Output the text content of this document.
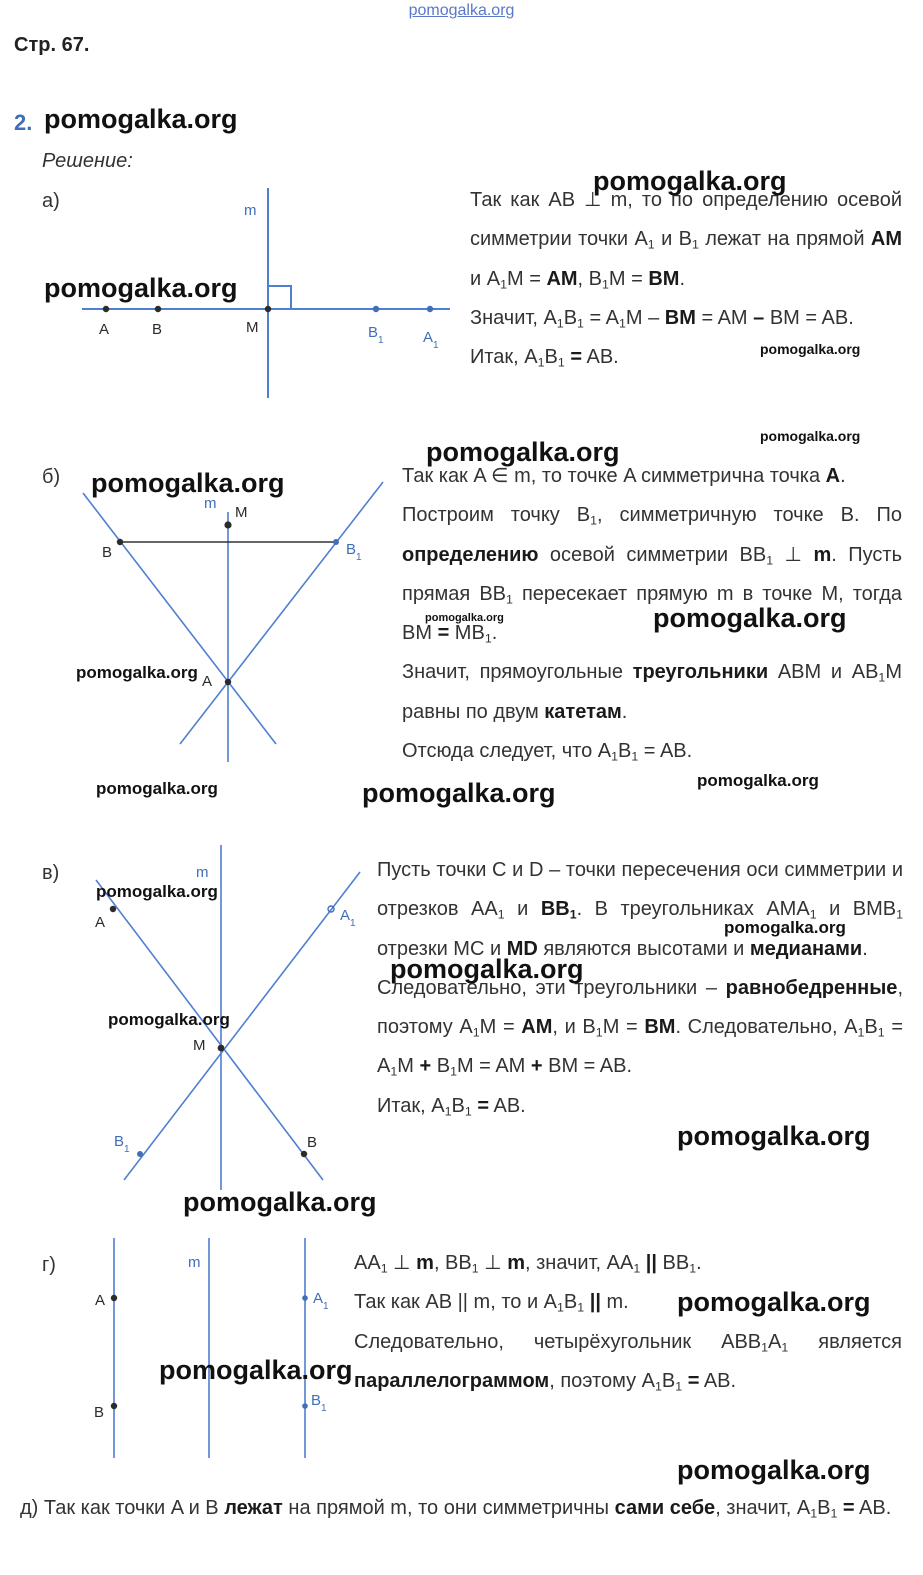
pomogalka.org
Стр. 67.
2. pomogalka.org
Решение:
а)	m
A	B	M	$B_1$	$A_1$

Так как AB ⊥ m, то по определению осевой симметрии точки $A_1$ и $B_1$ лежат на прямой AM и $A_1M$ = AM, $B_1M$ = BM.

Значит, $A_1B_1 = A_1M$ – BM = AM – BM = AB.

Итак, $A_1B_1$ = AB.

б)
m
M
B	$B_1$
A

Так как A ∈ m, то точке A симметрична точка A.

Построим точку $B_1$, симметричную точке B. По определению осевой симметрии $BB_1$ ⊥ m. Пусть прямая $BB_1$ пересекает прямую m в точке M, тогда BM = $MB_1$.

Значит, прямоугольные треугольники ABM и $AB_1M$ равны по двум катетам.

Отсюда следует, что $A_1B_1$ = AB.

в)	m
A	$A_1$
M
$B_1$	B

Пусть точки C и D – точки пересечения оси симметрии и отрезков $AA_1$ и $BB_1$. В треугольниках $AMA_1$ и $BMB_1$ отрезки MC и MD являются высотами и медианами.

Следовательно, эти треугольники – равнобедренные, поэтому $A_1M$ = AM, и $B_1M$ = BM. Следовательно, $A_1B_1 = A_1M + B_1M$ = AM + BM = AB.

Итак, $A_1B_1$ = AB.

г)	m
A
B
$A_1$
$B_1$

$AA_1$ ⊥ m, $BB_1$ ⊥ m, значит, $AA_1$ || $BB_1$.

Так как AB || m, то и $A_1B_1$ || m.

Следовательно, четырёхугольник $ABB_1A_1$ является параллелограммом, поэтому $A_1B_1$ = AB.

д) Так как точки A и B лежат на прямой m, то они симметричны сами себе, значит, $A_1B_1$ = AB.

pomogalka.org
pomogalka.org
pomogalka.org
pomogalka.org
pomogalka.org
pomogalka.org
pomogalka.org	pomogalka.org
pomogalka.org
pomogalka.org
pomogalka.org	pomogalka.org
pomogalka.org
pomogalka.org
pomogalka.org
pomogalka.org
pomogalka.org
pomogalka.org
pomogalka.org
pomogalka.org
pomogalka.org
